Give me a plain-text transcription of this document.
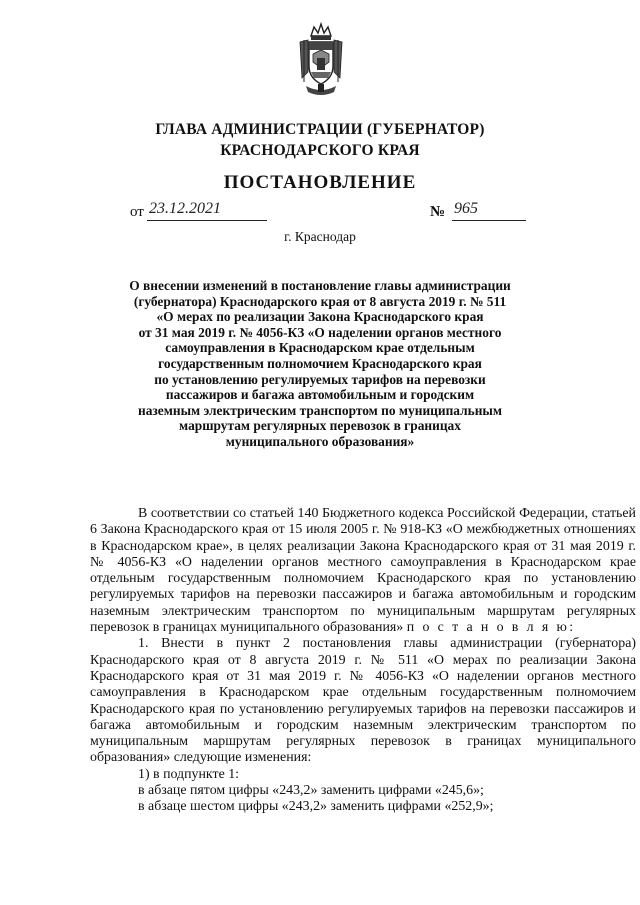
ГЛАВА АДМИНИСТРАЦИИ (ГУБЕРНАТОР)
КРАСНОДАРСКОГО КРАЯ
ПОСТАНОВЛЕНИЕ
от 23.12.2021	№ 965
г. Краснодар
О внесении изменений в постановление главы администрации
(губернатора) Краснодарского края от 8 августа 2019 г. № 511
«О мерах по реализации Закона Краснодарского края
от 31 мая 2019 г. № 4056-КЗ «О наделении органов местного
самоуправления в Краснодарском крае отдельным
государственным полномочием Краснодарского края
по установлению регулируемых тарифов на перевозки
пассажиров и багажа автомобильным и городским
наземным электрическим транспортом по муниципальным
маршрутам регулярных перевозок в границах
муниципального образования»

В соответствии со статьей 140 Бюджетного кодекса Российской Федерации, статьей 6 Закона Краснодарского края от 15 июля 2005 г. № 918-КЗ «О межбюджетных отношениях в Краснодарском крае», в целях реализации Закона Краснодарского края от 31 мая 2019 г. № 4056-КЗ «О наделении органов местного самоуправления в Краснодарском крае отдельным государственным полномочием Краснодарского края по установлению регулируемых тарифов на перевозки пассажиров и багажа автомобильным и городским наземным электрическим транспортом по муниципальным маршрутам регулярных перевозок в границах муниципального образования» п о с т а н о в л я ю:

1. Внести в пункт 2 постановления главы администрации (губернатора) Краснодарского края от 8 августа 2019 г. № 511 «О мерах по реализации Закона Краснодарского края от 31 мая 2019 г. № 4056-КЗ «О наделении органов местного самоуправления в Краснодарском крае отдельным государственным полномочием Краснодарского края по установлению регулируемых тарифов на перевозки пассажиров и багажа автомобильным и городским наземным электрическим транспортом по муниципальным маршрутам регулярных перевозок в границах муниципального образования» следующие изменения:

1) в подпункте 1:

в абзаце пятом цифры «243,2» заменить цифрами «245,6»;

в абзаце шестом цифры «243,2» заменить цифрами «252,9»;
